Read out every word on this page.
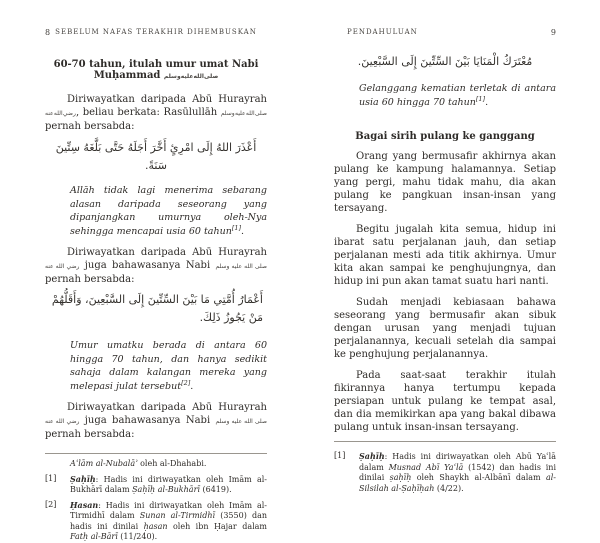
8 SEBELUM NAFAS TERAKHIR DIHEMBUSKAN
60-70 tahun, itulah umur umat Nabi Muḥammad صلى الله عليه وسلم

Diriwayatkan daripada Abū Hurayrah رضي الله عنه, beliau berkata: Rasūlullāh صلى الله عليه وسلم pernah bersabda:

أَعْذَرَ اللهُ إِلَى امْرِئٍ أَخَّرَ أَجَلَهُ حَتَّى بَلَّغَهُ سِتِّينَ سَنَةً.
Allāh tidak lagi menerima sebarang alasan daripada seseorang yang dipanjangkan umurnya oleh-Nya sehingga mencapai usia 60 tahun[1].

Diriwayatkan daripada Abū Hurayrah رضي الله عنه juga bahawasanya Nabi صلى الله عليه وسلم pernah bersabda:

أَعْمَارُ أُمَّتِي مَا بَيْنَ السِّتِّينَ إِلَى السَّبْعِينَ، وَأَقَلُّهُمْ مَنْ يَجُوزُ ذَلِكَ.
Umur umatku berada di antara 60 hingga 70 tahun, dan hanya sedikit sahaja dalam kalangan mereka yang melepasi julat tersebut[2].

Diriwayatkan daripada Abū Hurayrah رضي الله عنه juga bahawasanya Nabi صلى الله عليه وسلم pernah bersabda:

Aʿlām al-Nubalāʾ oleh al-Dhahabi.
[1]	Ṣaḥīḥ: Hadis ini diriwayatkan oleh Imām al-Bukhārī dalam Ṣaḥīḥ al-Bukhārī (6419).
[2]	Ḥasan: Hadis ini diriwayatkan oleh Imām al-Tirmidhī dalam Sunan al-Tirmidhī (3550) dan hadis ini dinilai ḥasan oleh ibn Ḥajar dalam Fatḥ al-Bārī (11/240).
PENDAHULUAN	9
مُعْتَرَكُ الْمَنَايَا بَيْنَ السِّتِّينَ إِلَى السَّبْعِينَ.
Gelanggang kematian terletak di antara usia 60 hingga 70 tahun[1].
Bagai sirih pulang ke ganggang

Orang yang bermusafir akhirnya akan pulang ke kampung halamannya. Setiap yang pergi, mahu tidak mahu, dia akan pulang ke pangkuan insan-insan yang tersayang.

Begitu jugalah kita semua, hidup ini ibarat satu perjalanan jauh, dan setiap perjalanan mesti ada titik akhirnya. Umur kita akan sampai ke penghujungnya, dan hidup ini pun akan tamat suatu hari nanti.

Sudah menjadi kebiasaan bahawa seseorang yang bermusafir akan sibuk dengan urusan yang menjadi tujuan perjalanannya, kecuali setelah dia sampai ke penghujung perjalanannya.

Pada saat-saat terakhir itulah fikirannya hanya tertumpu kepada persiapan untuk pulang ke tempat asal, dan dia memikirkan apa yang bakal dibawa pulang untuk insan-insan tersayang.

[1]	Ṣaḥīḥ: Hadis ini diriwayatkan oleh Abū Yaʿlā dalam Musnad Abī Yaʿlā (1542) dan hadis ini dinilai ṣaḥīḥ oleh Shaykh al-Albānī dalam al-Silsilah al-Ṣaḥīḥah (4/22).
